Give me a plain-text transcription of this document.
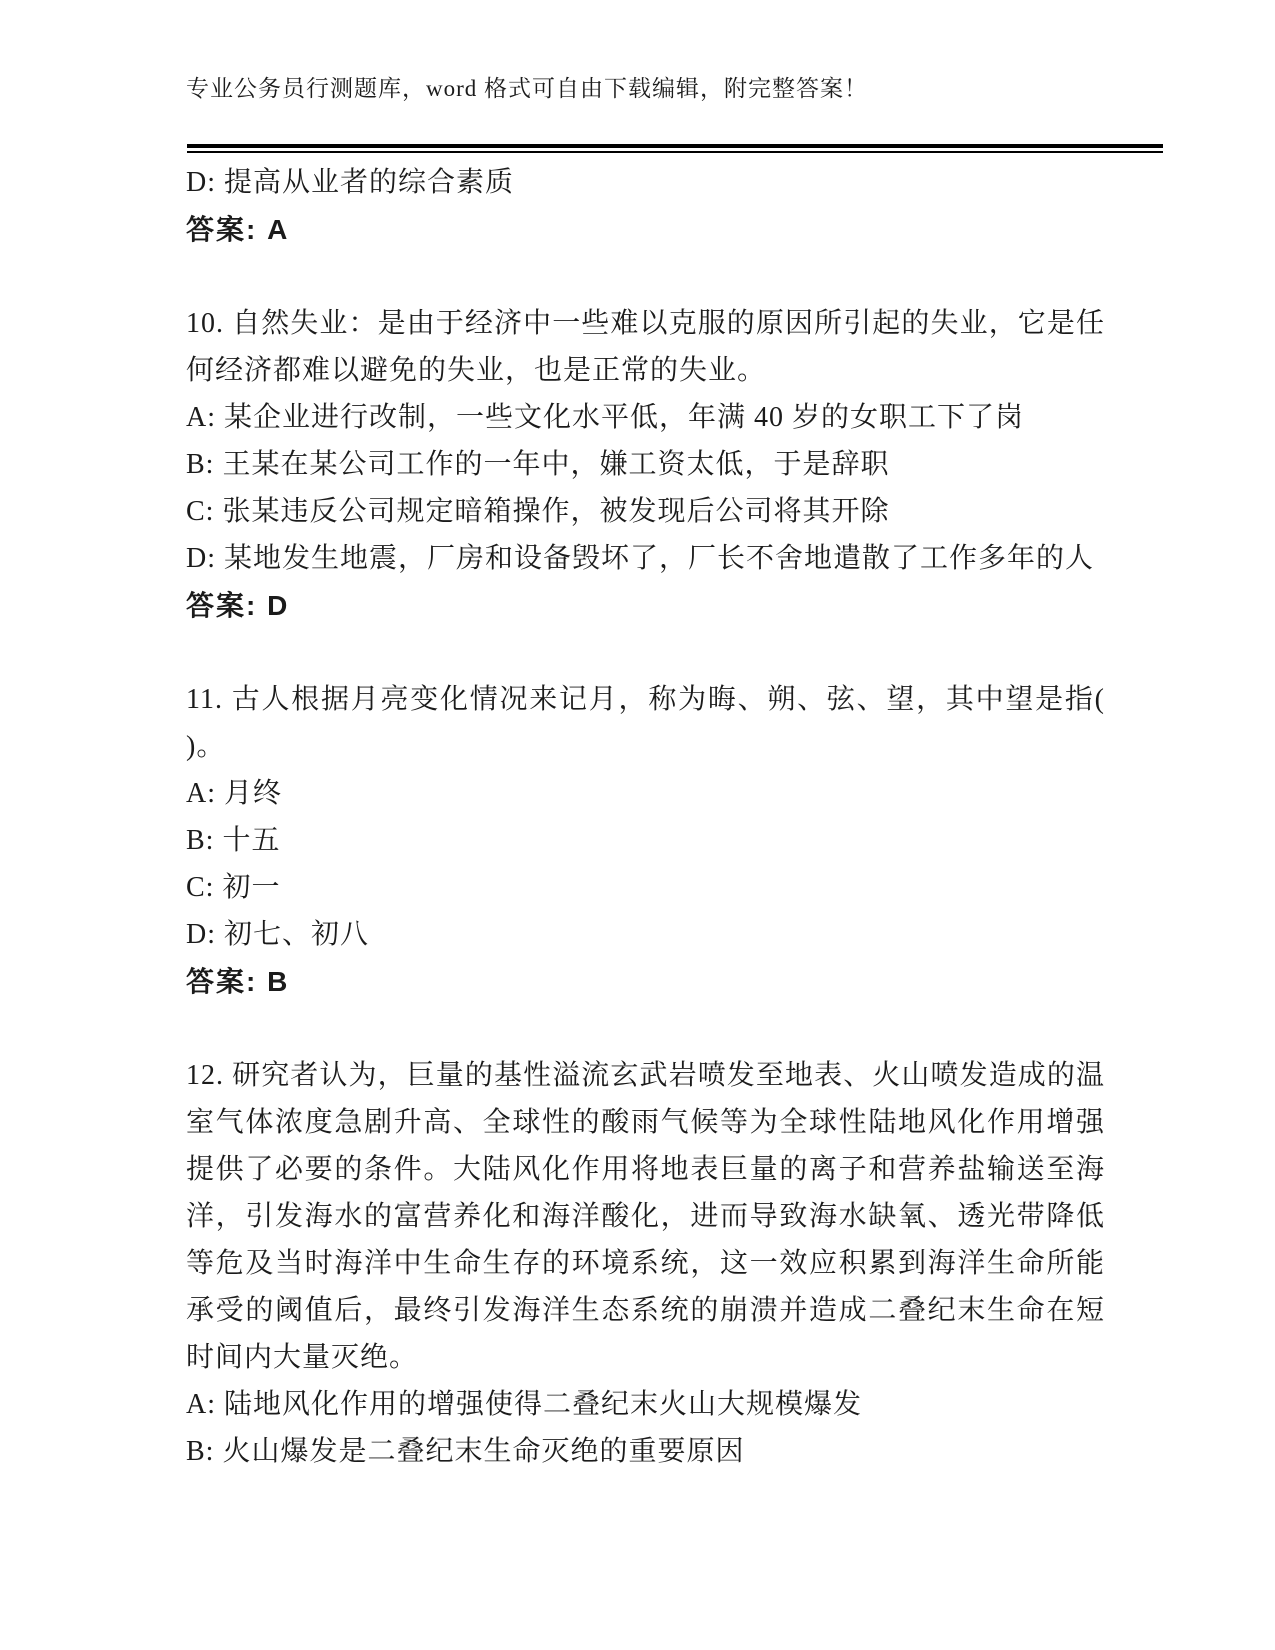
专业公务员行测题库，word 格式可自由下载编辑，附完整答案！

D: 提高从业者的综合素质

答案: A

10. 自然失业：是由于经济中一些难以克服的原因所引起的失业，它是任何经济都难以避免的失业，也是正常的失业。

A: 某企业进行改制，一些文化水平低，年满 40 岁的女职工下了岗

B: 王某在某公司工作的一年中，嫌工资太低，于是辞职

C: 张某违反公司规定暗箱操作，被发现后公司将其开除

D: 某地发生地震，厂房和设备毁坏了，厂长不舍地遣散了工作多年的人

答案: D

11. 古人根据月亮变化情况来记月，称为晦、朔、弦、望，其中望是指( )。

A: 月终

B: 十五

C: 初一

D: 初七、初八

答案: B

12. 研究者认为，巨量的基性溢流玄武岩喷发至地表、火山喷发造成的温室气体浓度急剧升高、全球性的酸雨气候等为全球性陆地风化作用增强提供了必要的条件。大陆风化作用将地表巨量的离子和营养盐输送至海洋，引发海水的富营养化和海洋酸化，进而导致海水缺氧、透光带降低等危及当时海洋中生命生存的环境系统，这一效应积累到海洋生命所能承受的阈值后，最终引发海洋生态系统的崩溃并造成二叠纪末生命在短时间内大量灭绝。

A: 陆地风化作用的增强使得二叠纪末火山大规模爆发

B: 火山爆发是二叠纪末生命灭绝的重要原因
